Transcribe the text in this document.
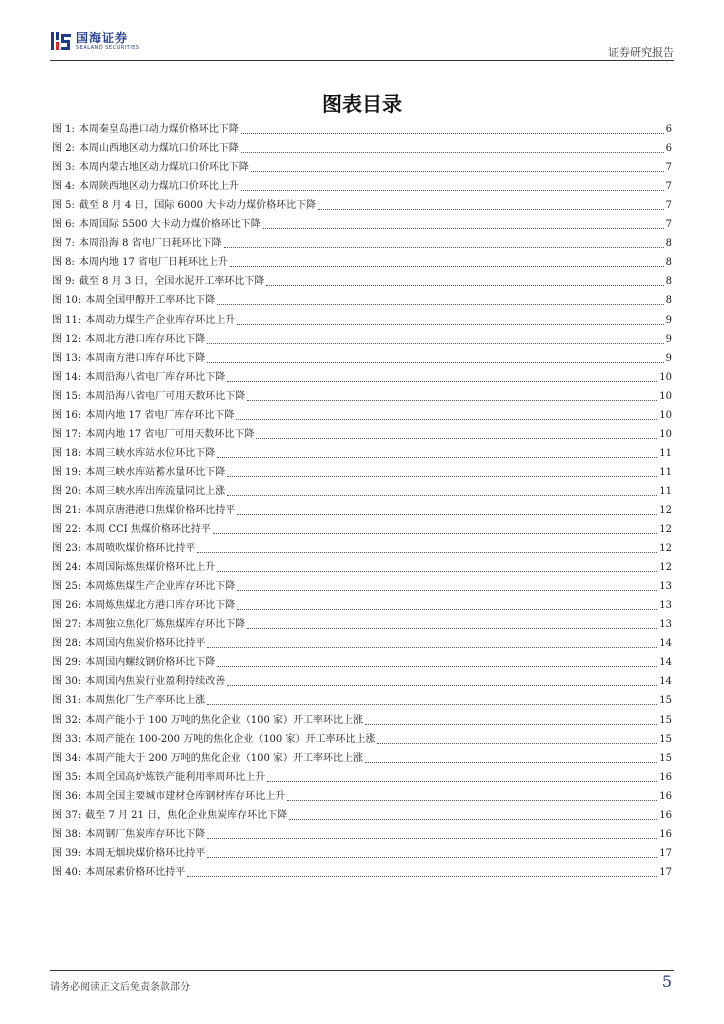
国海证券
SEALAND SECURITIES	证券研究报告
图表目录
图 1: 本周秦皇岛港口动力煤价格环比下降	6
图 2: 本周山西地区动力煤坑口价环比下降	6
图 3: 本周内蒙古地区动力煤坑口价环比下降	7
图 4: 本周陕西地区动力煤坑口价环比上升	7
图 5: 截至 8 月 4 日，国际 6000 大卡动力煤价格环比下降	7
图 6: 本周国际 5500 大卡动力煤价格环比下降	7
图 7: 本周沿海 8 省电厂日耗环比下降	8
图 8: 本周内地 17 省电厂日耗环比上升	8
图 9: 截至 8 月 3 日，全国水泥开工率环比下降	8
图 10: 本周全国甲醇开工率环比下降	8
图 11: 本周动力煤生产企业库存环比上升	9
图 12: 本周北方港口库存环比下降	9
图 13: 本周南方港口库存环比下降	9
图 14: 本周沿海八省电厂库存环比下降	10
图 15: 本周沿海八省电厂可用天数环比下降	10
图 16: 本周内地 17 省电厂库存环比下降	10
图 17: 本周内地 17 省电厂可用天数环比下降	10
图 18: 本周三峡水库站水位环比下降	11
图 19: 本周三峡水库站蓄水量环比下降	11
图 20: 本周三峡水库出库流量同比上涨	11
图 21: 本周京唐港港口焦煤价格环比持平	12
图 22: 本周 CCI 焦煤价格环比持平	12
图 23: 本周喷吹煤价格环比持平	12
图 24: 本周国际炼焦煤价格环比上升	12
图 25: 本周炼焦煤生产企业库存环比下降	13
图 26: 本周炼焦煤北方港口库存环比下降	13
图 27: 本周独立焦化厂炼焦煤库存环比下降	13
图 28: 本周国内焦炭价格环比持平	14
图 29: 本周国内螺纹钢价格环比下降	14
图 30: 本周国内焦炭行业盈利持续改善	14
图 31: 本周焦化厂生产率环比上涨	15
图 32: 本周产能小于 100 万吨的焦化企业（100 家）开工率环比上涨	15
图 33: 本周产能在 100-200 万吨的焦化企业（100 家）开工率环比上涨	15
图 34: 本周产能大于 200 万吨的焦化企业（100 家）开工率环比上涨	15
图 35: 本周全国高炉炼铁产能利用率周环比上升	16
图 36: 本周全国主要城市建材仓库钢材库存环比上升	16
图 37: 截至 7 月 21 日，焦化企业焦炭库存环比下降	16
图 38: 本周钢厂焦炭库存环比下降	16
图 39: 本周无烟块煤价格环比持平	17
图 40: 本周尿素价格环比持平	17
请务必阅读正文后免责条款部分	5
